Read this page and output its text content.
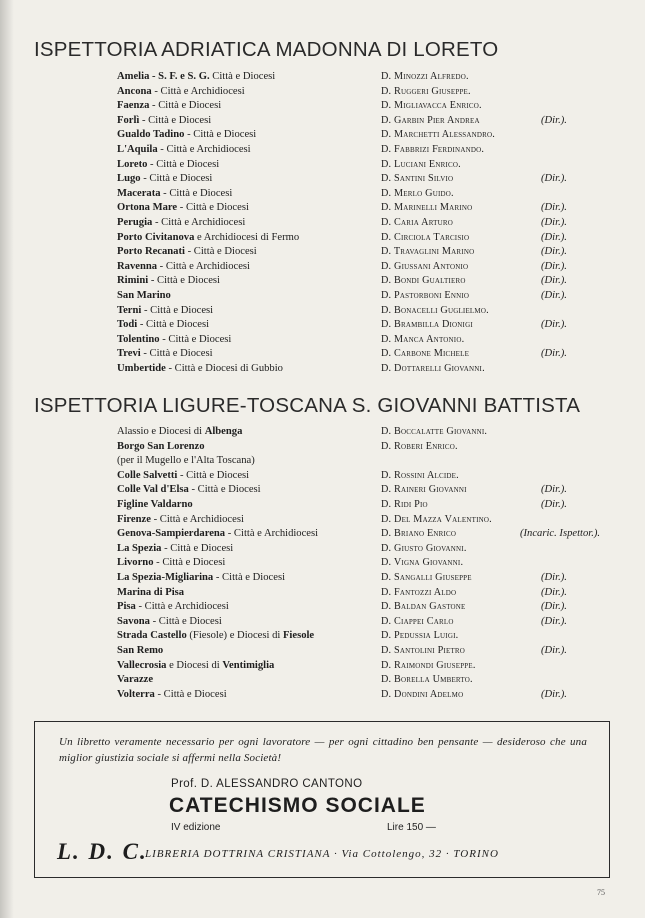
ISPETTORIA ADRIATICA MADONNA DI LORETO
Amelia - S. F. e S. G. Città e Diocesi	D. Minozzi Alfredo.
Ancona - Città e Archidiocesi	D. Ruggeri Giuseppe.
Faenza - Città e Diocesi	D. Migliavacca Enrico.
Forlì - Città e Diocesi	D. Garbin Pier Andrea	(Dir.).
Gualdo Tadino - Città e Diocesi	D. Marchetti Alessandro.
L'Aquila - Città e Archidiocesi	D. Fabbrizi Ferdinando.
Loreto - Città e Diocesi	D. Luciani Enrico.
Lugo - Città e Diocesi	D. Santini Silvio	(Dir.).
Macerata - Città e Diocesi	D. Merlo Guido.
Ortona Mare - Città e Diocesi	D. Marinelli Marino	(Dir.).
Perugia - Città e Archidiocesi	D. Caria Arturo	(Dir.).
Porto Civitanova e Archidiocesi di Fermo	D. Circiola Tarcisio	(Dir.).
Porto Recanati - Città e Diocesi	D. Travaglini Marino	(Dir.).
Ravenna - Città e Archidiocesi	D. Giussani Antonio	(Dir.).
Rimini - Città e Diocesi	D. Bondi Gualtiero	(Dir.).
San Marino	D. Pastorboni Ennio	(Dir.).
Terni - Città e Diocesi	D. Bonacelli Guglielmo.
Todi - Città e Diocesi	D. Brambilla Dionigi	(Dir.).
Tolentino - Città e Diocesi	D. Manca Antonio.
Trevi - Città e Diocesi	D. Carbone Michele	(Dir.).
Umbertide - Città e Diocesi di Gubbio	D. Dottarelli Giovanni.
ISPETTORIA LIGURE-TOSCANA S. GIOVANNI BATTISTA
Alassio e Diocesi di Albenga	D. Boccalatte Giovanni.
Borgo San Lorenzo	D. Roberi Enrico.
(per il Mugello e l'Alta Toscana)
Colle Salvetti - Città e Diocesi	D. Rossini Alcide.
Colle Val d'Elsa - Città e Diocesi	D. Raineri Giovanni	(Dir.).
Figline Valdarno	D. Ridi Pio	(Dir.).
Firenze - Città e Archidiocesi	D. Del Mazza Valentino.
Genova-Sampierdarena - Città e Archidiocesi	D. Briano Enrico	(Incaric. Ispettor.).
La Spezia - Città e Diocesi	D. Giusto Giovanni.
Livorno - Città e Diocesi	D. Vigna Giovanni.
La Spezia-Migliarina - Città e Diocesi	D. Sangalli Giuseppe	(Dir.).
Marina di Pisa	D. Fantozzi Aldo	(Dir.).
Pisa - Città e Archidiocesi	D. Baldan Gastone	(Dir.).
Savona - Città e Diocesi	D. Ciappei Carlo	(Dir.).
Strada Castello (Fiesole) e Diocesi di Fiesole	D. Pedussia Luigi.
San Remo	D. Santolini Pietro	(Dir.).
Vallecrosia e Diocesi di Ventimiglia	D. Raimondi Giuseppe.
Varazze	D. Borella Umberto.
Volterra - Città e Diocesi	D. Dondini Adelmo	(Dir.).
Un libretto veramente necessario per ogni lavoratore — per ogni cittadino ben pensante — desideroso che una miglior giustizia sociale si affermi nella Società!
Prof. D. ALESSANDRO CANTONO
CATECHISMO SOCIALE
IV edizione	Lire 150 —
L. D. C.
LIBRERIA DOTTRINA CRISTIANA · Via Cottolengo, 32 · TORINO
75
